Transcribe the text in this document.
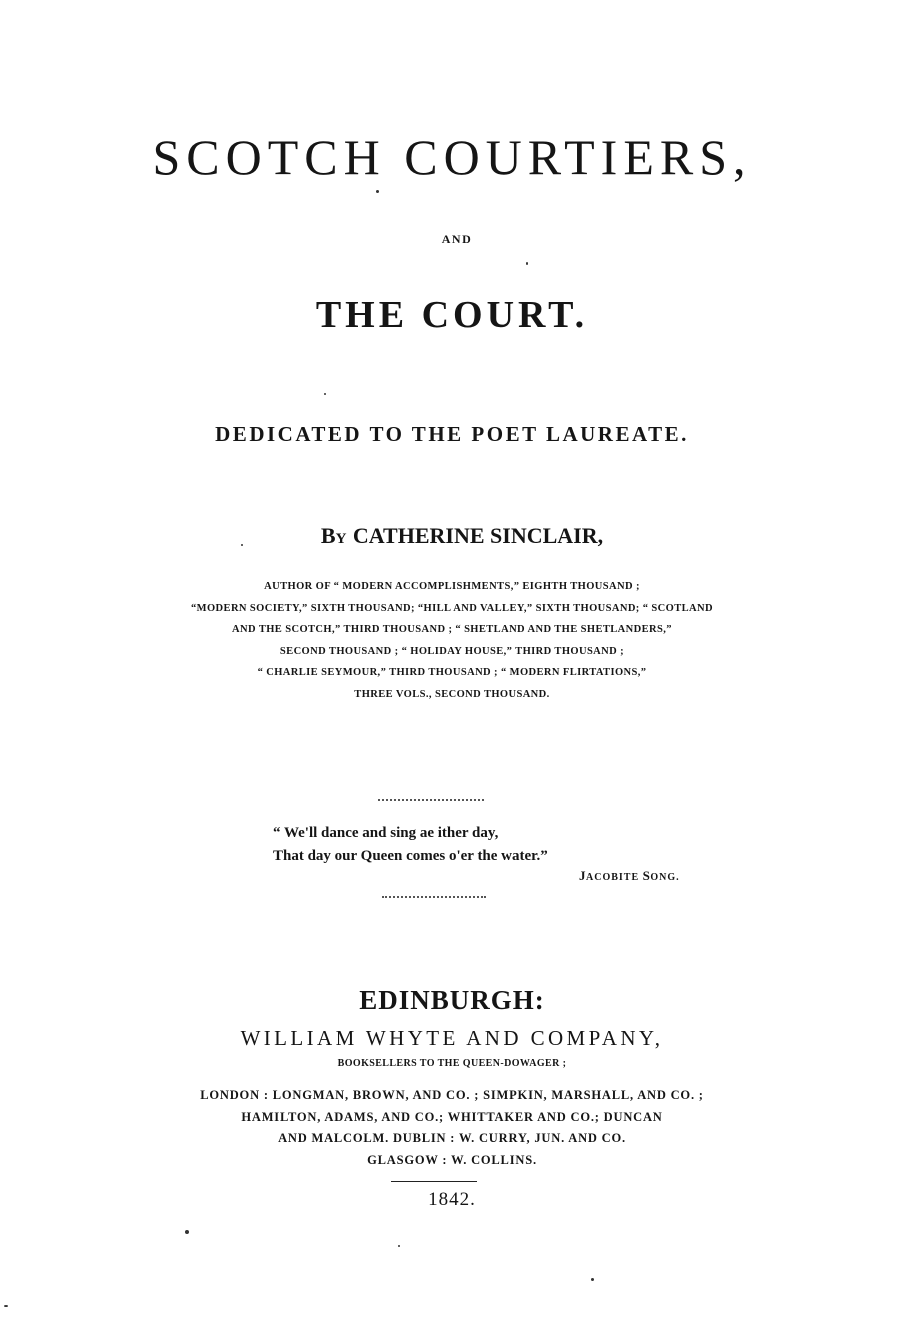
SCOTCH COURTIERS,
AND
THE COURT.
DEDICATED TO THE POET LAUREATE.
BY CATHERINE SINCLAIR,
AUTHOR OF “ MODERN ACCOMPLISHMENTS,” EIGHTH THOUSAND ;
“MODERN SOCIETY,” SIXTH THOUSAND; “HILL AND VALLEY,” SIXTH THOUSAND; “ SCOTLAND
AND THE SCOTCH,” THIRD THOUSAND ; “ SHETLAND AND THE SHETLANDERS,”
SECOND THOUSAND ; “ HOLIDAY HOUSE,” THIRD THOUSAND ;
“ CHARLIE SEYMOUR,” THIRD THOUSAND ; “ MODERN FLIRTATIONS,”
THREE VOLS., SECOND THOUSAND.
“ We'll dance and sing ae ither day,
That day our Queen comes o'er the water.”
JACOBITE SONG.
EDINBURGH:
WILLIAM WHYTE AND COMPANY,
BOOKSELLERS TO THE QUEEN-DOWAGER ;
LONDON : LONGMAN, BROWN, AND CO. ; SIMPKIN, MARSHALL, AND CO. ;
HAMILTON, ADAMS, AND CO.; WHITTAKER AND CO.; DUNCAN
AND MALCOLM. DUBLIN : W. CURRY, JUN. AND CO.
GLASGOW : W. COLLINS.
1842.
